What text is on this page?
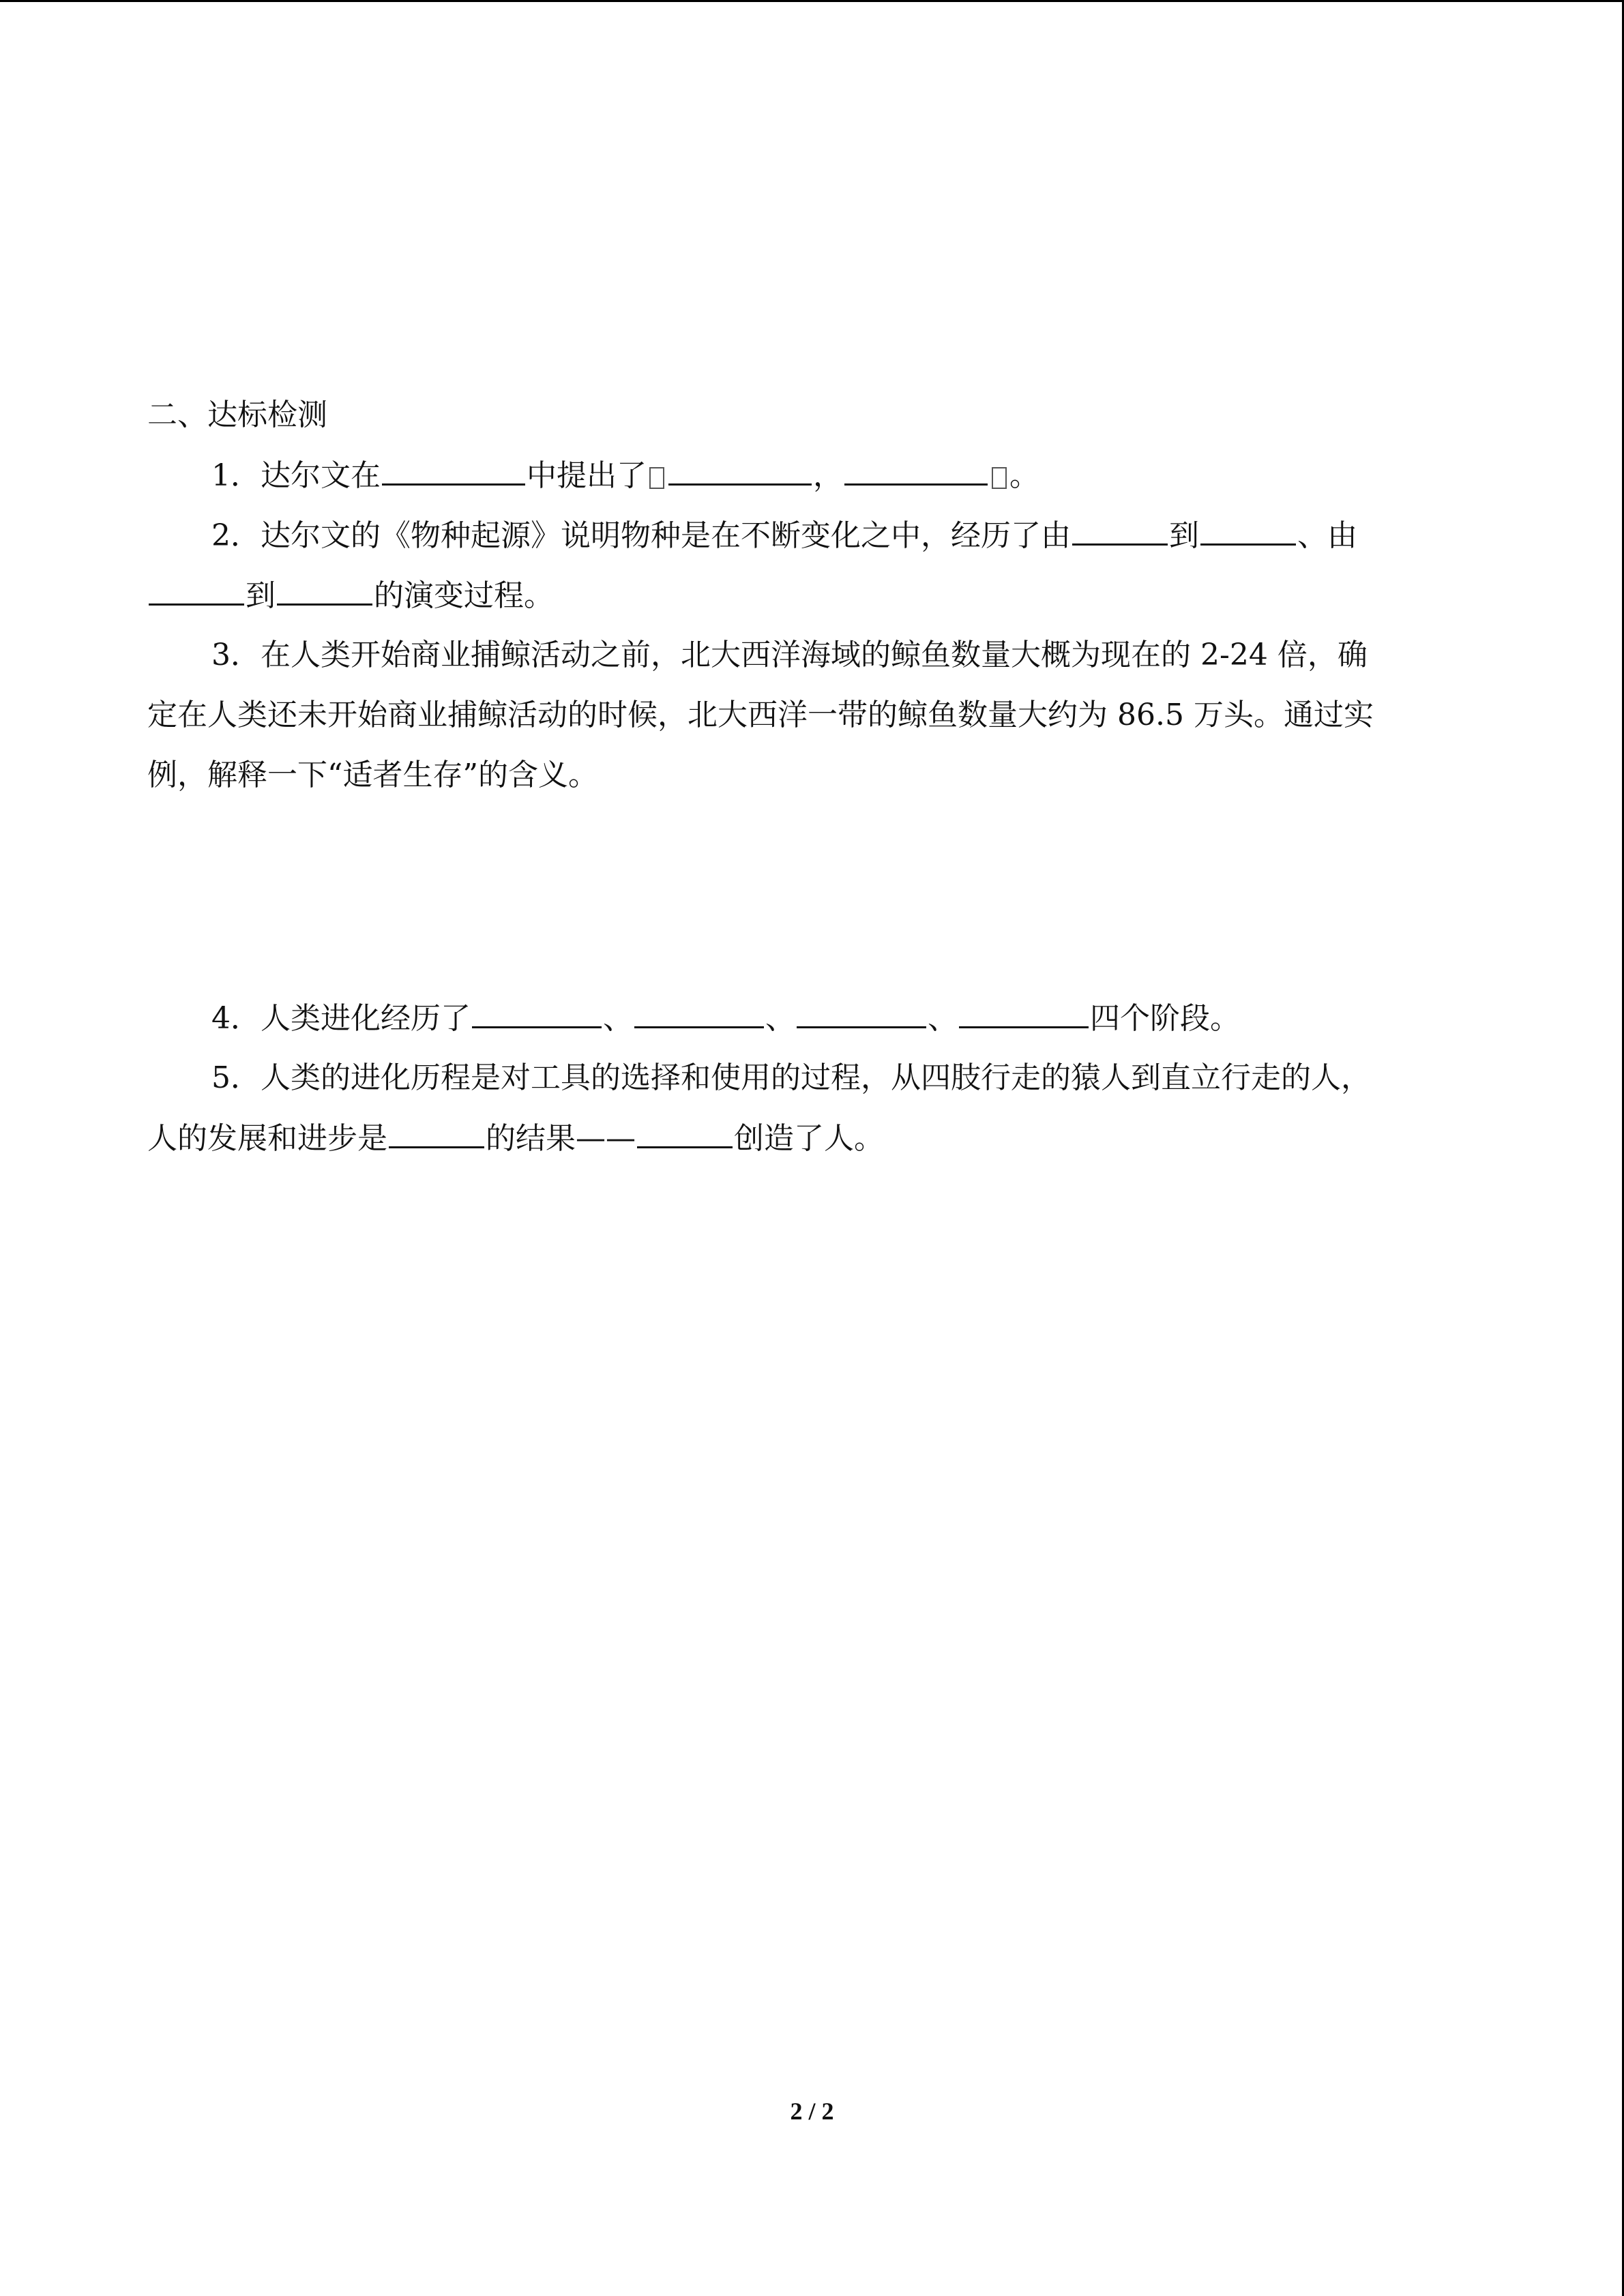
二、达标检测
1．达尔文在	中提出了	，	。
2．达尔文的《物种起源》说明物种是在不断变化之中，经历了由	到	、由
到	的演变过程。
3．在人类开始商业捕鲸活动之前，北大西洋海域的鲸鱼数量大概为现在的 2-24 倍，确
定在人类还未开始商业捕鲸活动的时候，北大西洋一带的鲸鱼数量大约为 86.5 万头。通过实
例，解释一下“适者生存”的含义。
4．人类进化经历了	、	、	、	四个阶段。
5．人类的进化历程是对工具的选择和使用的过程，从四肢行走的猿人到直立行走的人，
人的发展和进步是	的结果——	创造了人。
2 / 2
